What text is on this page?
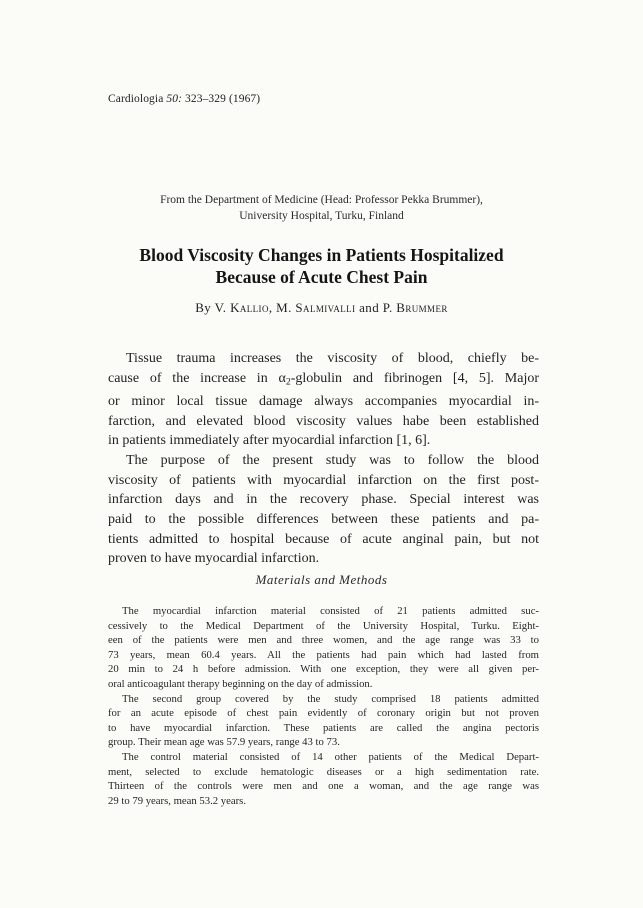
Cardiologia 50: 323–329 (1967)
From the Department of Medicine (Head: Professor Pekka Brummer),
University Hospital, Turku, Finland
Blood Viscosity Changes in Patients Hospitalized
Because of Acute Chest Pain
By V. Kallio, M. Salmivalli and P. Brummer
Tissue trauma increases the viscosity of blood, chiefly be-
cause of the increase in α2-globulin and fibrinogen [4, 5]. Major
or minor local tissue damage always accompanies myocardial in-
farction, and elevated blood viscosity values habe been established
in patients immediately after myocardial infarction [1, 6].
The purpose of the present study was to follow the blood
viscosity of patients with myocardial infarction on the first post-
infarction days and in the recovery phase. Special interest was
paid to the possible differences between these patients and pa-
tients admitted to hospital because of acute anginal pain, but not
proven to have myocardial infarction.
Materials and Methods
The myocardial infarction material consisted of 21 patients admitted suc-
cessively to the Medical Department of the University Hospital, Turku. Eight-
een of the patients were men and three women, and the age range was 33 to
73 years, mean 60.4 years. All the patients had pain which had lasted from
20 min to 24 h before admission. With one exception, they were all given per-
oral anticoagulant therapy beginning on the day of admission.
The second group covered by the study comprised 18 patients admitted
for an acute episode of chest pain evidently of coronary origin but not proven
to have myocardial infarction. These patients are called the angina pectoris
group. Their mean age was 57.9 years, range 43 to 73.
The control material consisted of 14 other patients of the Medical Depart-
ment, selected to exclude hematologic diseases or a high sedimentation rate.
Thirteen of the controls were men and one a woman, and the age range was
29 to 79 years, mean 53.2 years.
